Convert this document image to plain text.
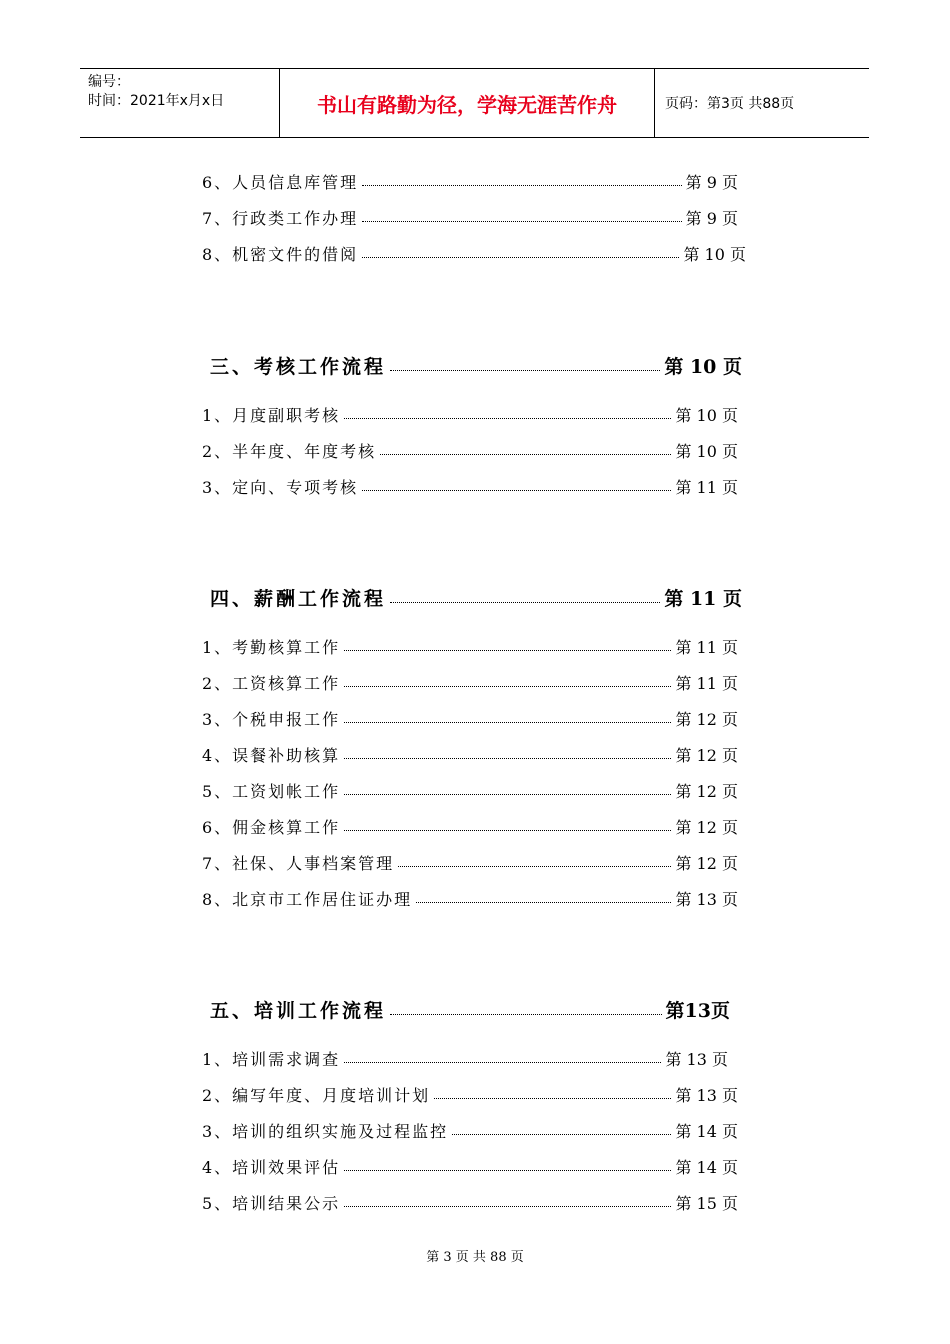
编号：
时间：2021年x月x日	书山有路勤为径，学海无涯苦作舟	页码：第3页 共88页
6、人员信息库管理	第 9 页
7、行政类工作办理	第 9 页
8、机密文件的借阅	第 10 页
三、考核工作流程	第 10 页
1、月度副职考核	第 10 页
2、半年度、年度考核	第 10 页
3、定向、专项考核	第 11 页
四、薪酬工作流程	第 11 页
1、考勤核算工作	第 11 页
2、工资核算工作	第 11 页
3、个税申报工作	第 12 页
4、误餐补助核算	第 12 页
5、工资划帐工作	第 12 页
6、佣金核算工作	第 12 页
7、社保、人事档案管理	第 12 页
8、北京市工作居住证办理	第 13 页
五、培训工作流程	第13页
1、培训需求调查	第 13 页
2、编写年度、月度培训计划	第 13 页
3、培训的组织实施及过程监控	第 14 页
4、培训效果评估	第 14 页
5、培训结果公示	第 15 页
第 3 页 共 88 页
